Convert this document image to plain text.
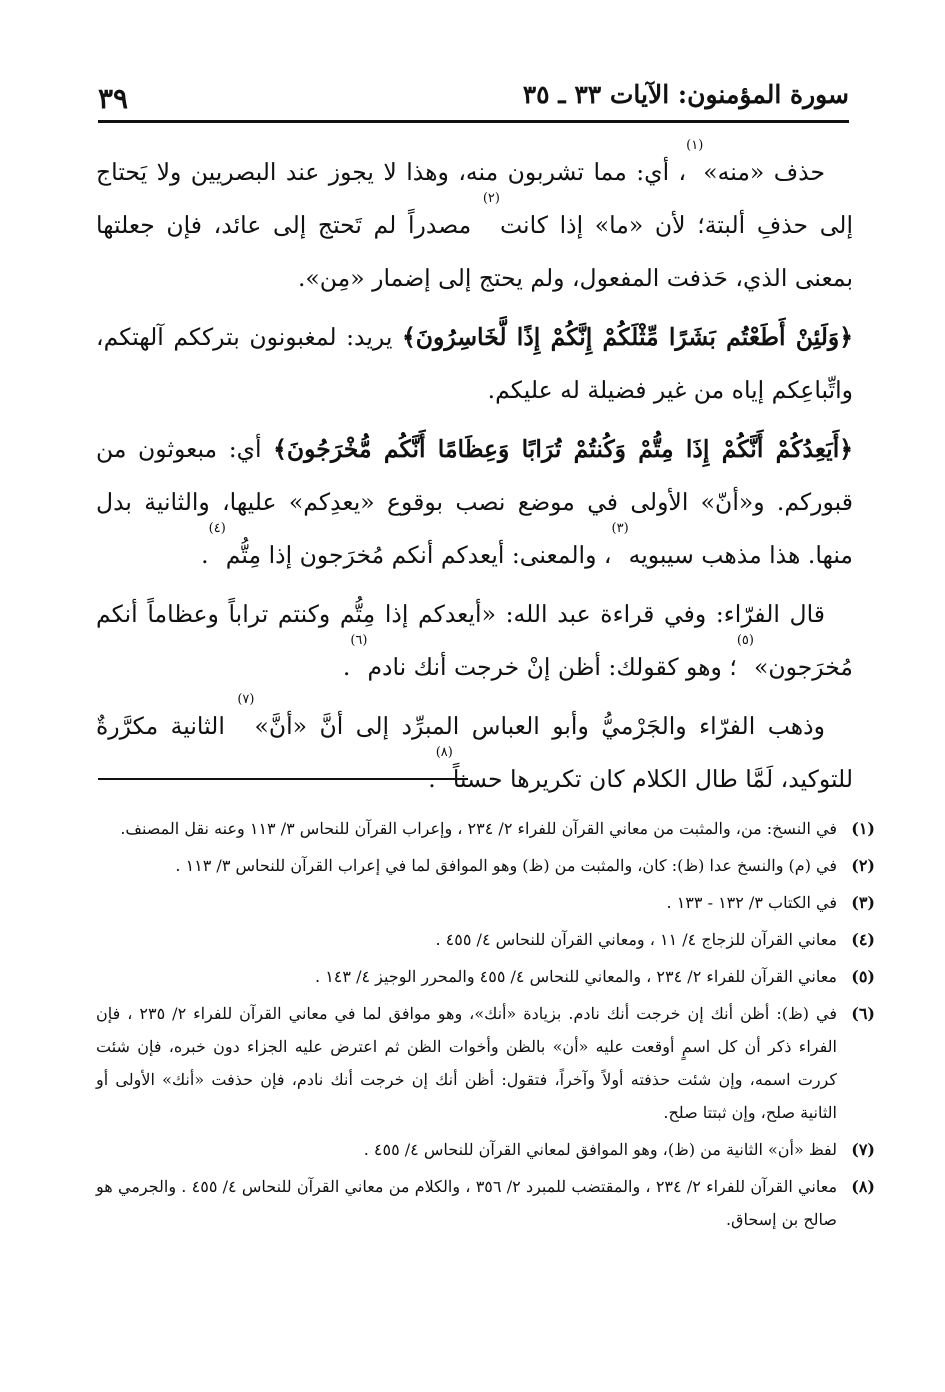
سورة المؤمنون: الآيات ٣٣ ـ ٣٥
٣٩

حذف «منه»$^{(١)}$، أي: مما تشربون منه، وهذا لا يجوز عند البصريين ولا يَحتاج إلى حذفِ ألبتة؛ لأن «ما» إذا كانت$^{(٢)}$ مصدراً لم تَحتج إلى عائد، فإن جعلتها بمعنى الذي، حَذفت المفعول، ولم يحتج إلى إضمار «مِن».

﴿وَلَئِنْ أَطَعْتُم بَشَرًا مِّثْلَكُمْ إِنَّكُمْ إِذًا لَّخَاسِرُونَ﴾ يريد: لمغبونون بترككم آلهتكم، واتِّباعِكم إياه من غير فضيلة له عليكم.

﴿أَيَعِدُكُمْ أَنَّكُمْ إِذَا مِتُّمْ وَكُنتُمْ تُرَابًا وَعِظَامًا أَنَّكُم مُّخْرَجُونَ﴾ أي: مبعوثون من قبوركم. و«أنّ» الأولى في موضع نصب بوقوع «يعدِكم» عليها، والثانية بدل منها. هذا مذهب سيبويه$^{(٣)}$، والمعنى: أيعدكم أنكم مُخرَجون إذا مِتُّم$^{(٤)}$.

قال الفرّاء: وفي قراءة عبد الله: «أيعدكم إذا مِتُّم وكنتم تراباً وعظاماً أنكم مُخرَجون»$^{(٥)}$؛ وهو كقولك: أظن إنْ خرجت أنك نادم$^{(٦)}$.

وذهب الفرّاء والجَرْميُّ وأبو العباس المبرِّد إلى أنَّ «أنَّ»$^{(٧)}$ الثانية مكرَّرةٌ للتوكيد، لَمَّا طال الكلام كان تكريرها حسناً$^{(٨)}$.

(١)
في النسخ: من، والمثبت من معاني القرآن للفراء ٢/ ٢٣٤ ، وإعراب القرآن للنحاس ٣/ ١١٣ وعنه نقل المصنف.
(٢)
في (م) والنسخ عدا (ظ): كان، والمثبت من (ظ) وهو الموافق لما في إعراب القرآن للنحاس ٣/ ١١٣ .
(٣)
في الكتاب ٣/ ١٣٢ - ١٣٣ .
(٤)
معاني القرآن للزجاج ٤/ ١١ ، ومعاني القرآن للنحاس ٤/ ٤٥٥ .
(٥)
معاني القرآن للفراء ٢/ ٢٣٤ ، والمعاني للنحاس ٤/ ٤٥٥ والمحرر الوجيز ٤/ ١٤٣ .
(٦)
في (ظ): أظن أنك إن خرجت أنك نادم. بزيادة «أنك»، وهو موافق لما في معاني القرآن للفراء ٢/ ٢٣٥ ، فإن الفراء ذكر أن كل اسمٍ أوقعت عليه «أن» بالظن وأخوات الظن ثم اعترض عليه الجزاء دون خبره، فإن شئت كررت اسمه، وإن شئت حذفته أولاً وآخراً، فتقول: أظن أنك إن خرجت أنك نادم، فإن حذفت «أنك» الأولى أو الثانية صلح، وإن ثبتتا صلح.
(٧)
لفظ «أن» الثانية من (ظ)، وهو الموافق لمعاني القرآن للنحاس ٤/ ٤٥٥ .
(٨)
معاني القرآن للفراء ٢/ ٢٣٤ ، والمقتضب للمبرد ٢/ ٣٥٦ ، والكلام من معاني القرآن للنحاس ٤/ ٤٥٥ . والجرمي هو صالح بن إسحاق.
